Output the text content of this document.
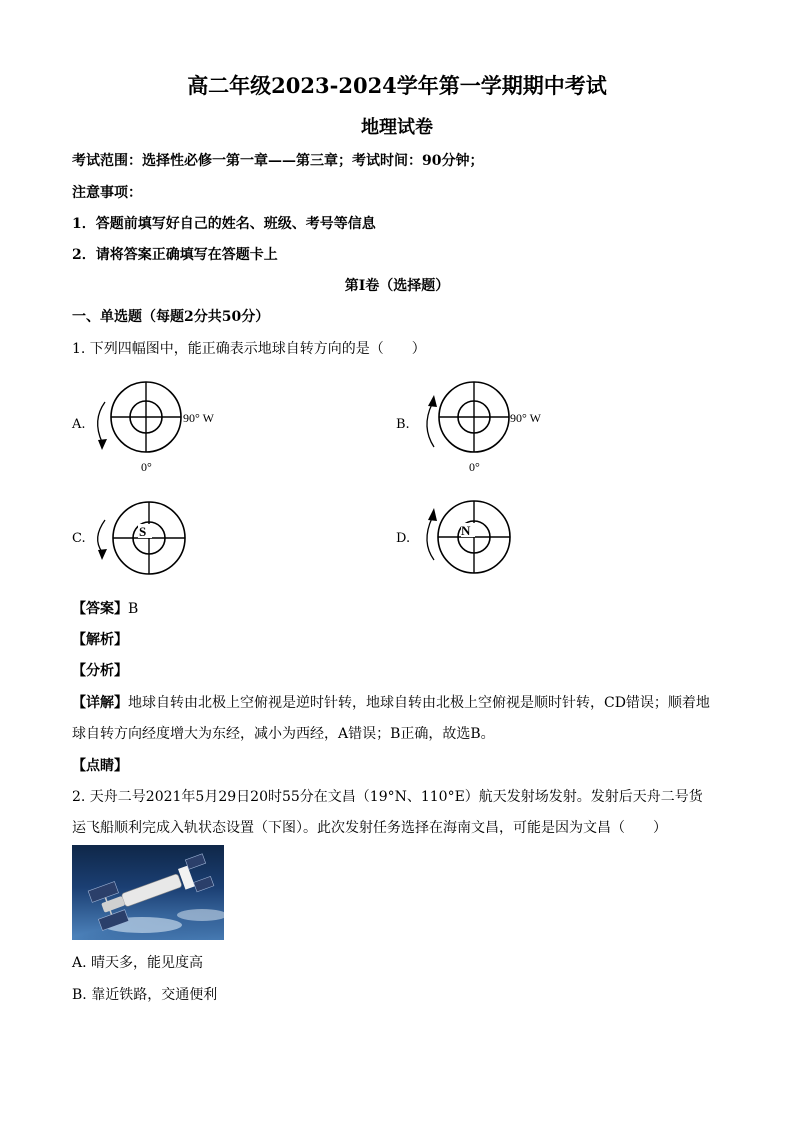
高二年级2023-2024学年第一学期期中考试
地理试卷
考试范围：选择性必修一第一章——第三章；考试时间：90分钟；
注意事项：
1．答题前填写好自己的姓名、班级、考号等信息
2．请将答案正确填写在答题卡上
第Ⅰ卷（选择题）
一、单选题（每题2分共50分）
1. 下列四幅图中，能正确表示地球自转方向的是（　　）
A.	90° W
0°
B.	90° W
0°
C.	S	D.
N
【答案】B
【解析】
【分析】
【详解】地球自转由北极上空俯视是逆时针转，地球自转由北极上空俯视是顺时针转，CD错误；顺着地
球自转方向经度增大为东经，减小为西经，A错误；B正确，故选B。
【点睛】
2. 天舟二号2021年5月29日20时55分在文昌（19°N、110°E）航天发射场发射。发射后天舟二号货
运飞船顺利完成入轨状态设置（下图）。此次发射任务选择在海南文昌，可能是因为文昌（　　）
A. 晴天多，能见度高
B. 靠近铁路，交通便利
